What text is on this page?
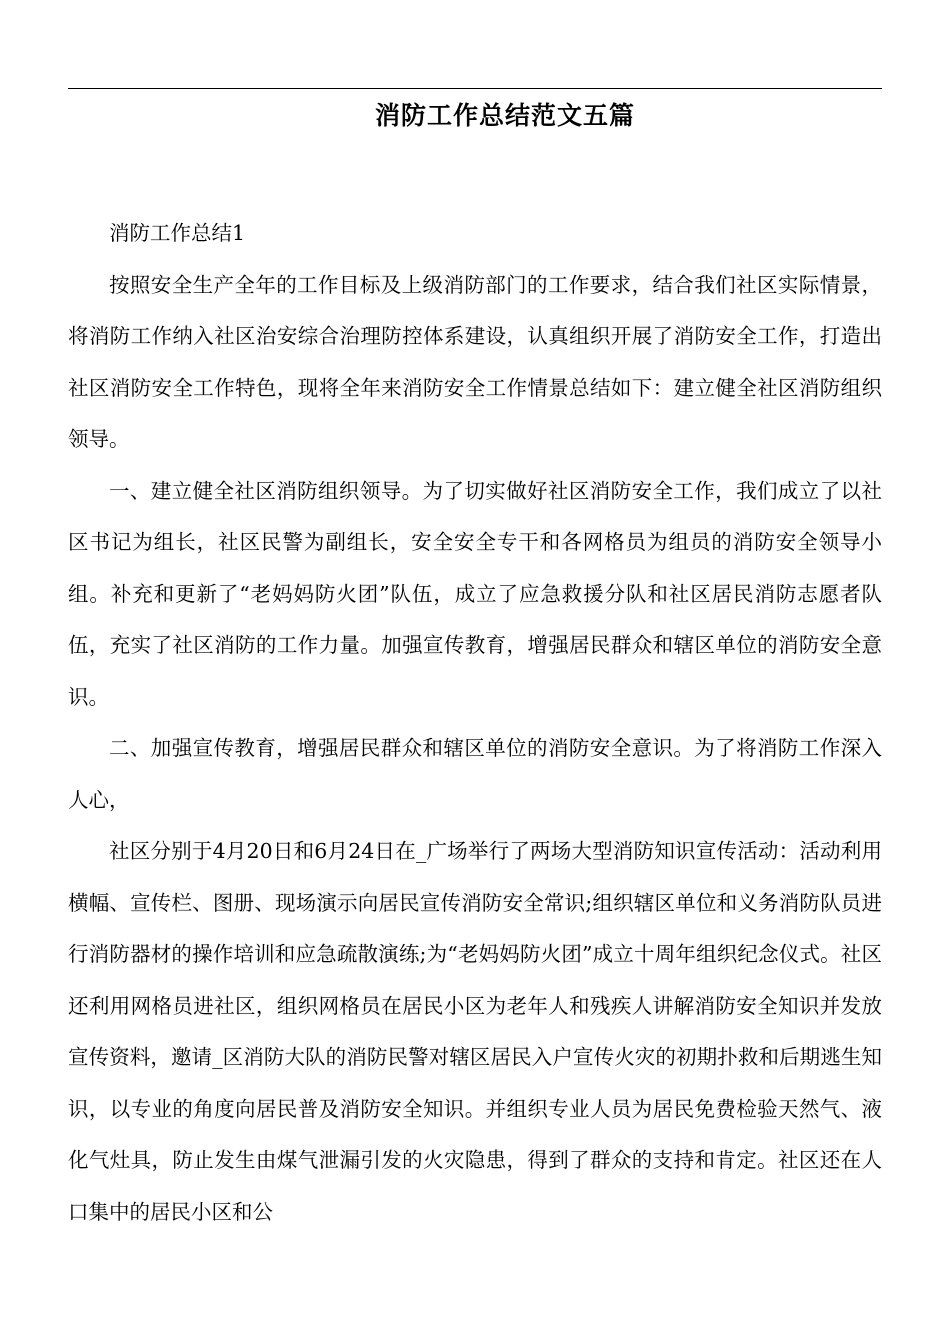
消防工作总结范文五篇

消防工作总结1

按照安全生产全年的工作目标及上级消防部门的工作要求，结合我们社区实际情景，将消防工作纳入社区治安综合治理防控体系建设，认真组织开展了消防安全工作，打造出社区消防安全工作特色，现将全年来消防安全工作情景总结如下：建立健全社区消防组织领导。

一、建立健全社区消防组织领导。为了切实做好社区消防安全工作，我们成立了以社区书记为组长，社区民警为副组长，安全安全专干和各网格员为组员的消防安全领导小组。补充和更新了“老妈妈防火团”队伍，成立了应急救援分队和社区居民消防志愿者队伍，充实了社区消防的工作力量。加强宣传教育，增强居民群众和辖区单位的消防安全意识。

二、加强宣传教育，增强居民群众和辖区单位的消防安全意识。为了将消防工作深入人心，

社区分别于4月20日和6月24日在_广场举行了两场大型消防知识宣传活动：活动利用横幅、宣传栏、图册、现场演示向居民宣传消防安全常识;组织辖区单位和义务消防队员进行消防器材的操作培训和应急疏散演练;为“老妈妈防火团”成立十周年组织纪念仪式。社区还利用网格员进社区，组织网格员在居民小区为老年人和残疾人讲解消防安全知识并发放宣传资料，邀请_区消防大队的消防民警对辖区居民入户宣传火灾的初期扑救和后期逃生知识，以专业的角度向居民普及消防安全知识。并组织专业人员为居民免费检验天然气、液化气灶具，防止发生由煤气泄漏引发的火灾隐患，得到了群众的支持和肯定。社区还在人口集中的居民小区和公
